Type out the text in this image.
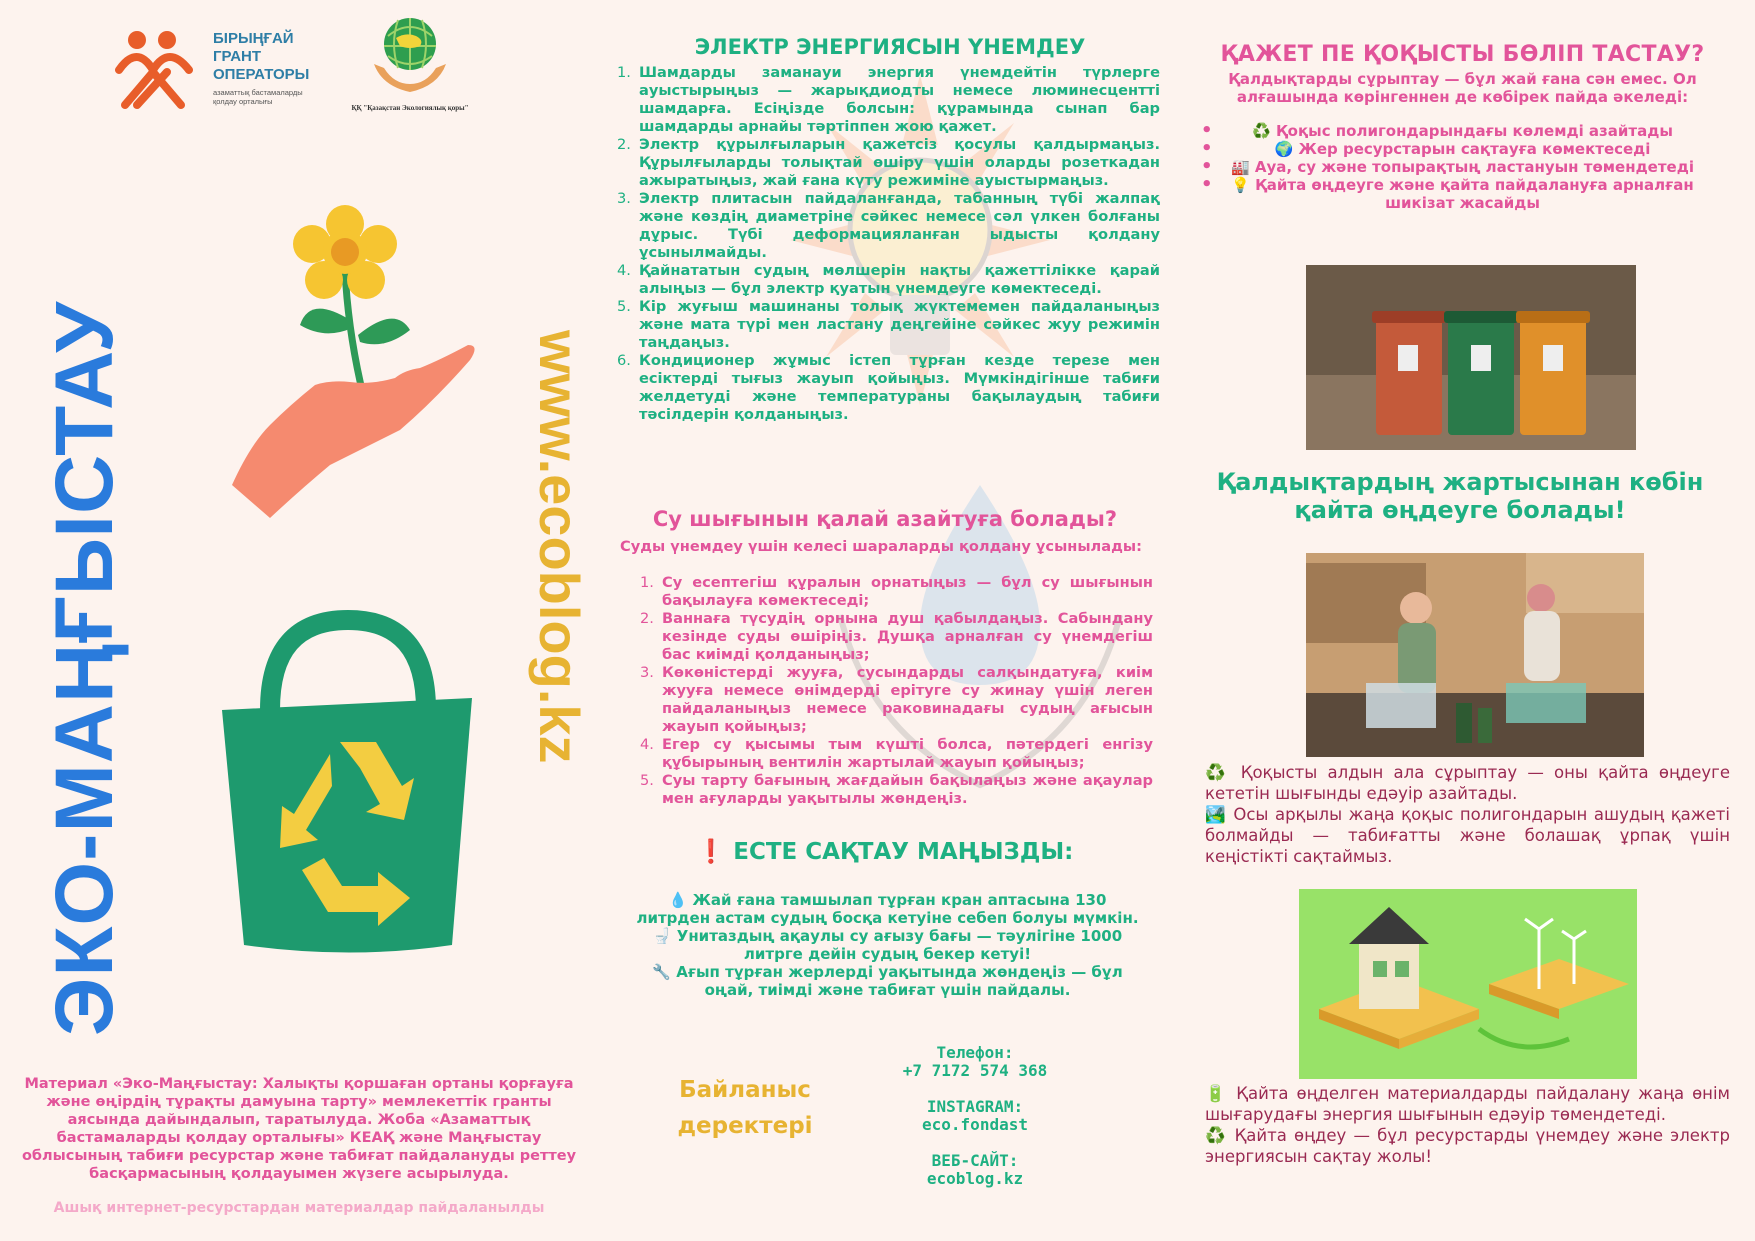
БІРЫҢҒАЙ
ГРАНТ
ОПЕРАТОРЫ
азаматтық бастамаларды
қолдау орталығы
ҚҚ "Қазақстан Экологиялық қоры"
ЭКО-МАҢҒЫСТАУ	www.ecoblog.kz
Материал «Эко-Маңғыстау: Халықты қоршаған ортаны қорғауға және өңірдің тұрақты дамуына тарту» мемлекеттік гранты аясында дайындалып, таратылуда. Жоба «Азаматтық бастамаларды қолдау орталығы» КЕАҚ және Маңғыстау облысының табиғи ресурстар және табиғат пайдалануды реттеу басқармасының қолдауымен жүзеге асырылуда.
Ашық интернет-ресурстардан материалдар пайдаланылды
ЭЛЕКТР ЭНЕРГИЯСЫН ҮНЕМДЕУ
Шамдарды заманауи энергия үнемдейтін түрлерге ауыстырыңыз — жарықдиодты немесе люминесцентті шамдарға. Есіңізде болсын: құрамында сынап бар шамдарды арнайы тәртіппен жою қажет.
Электр құрылғыларын қажетсіз қосулы қалдырмаңыз. Құрылғыларды толықтай өшіру үшін оларды розеткадан ажыратыңыз, жай ғана күту режиміне ауыстырмаңыз.
Электр плитасын пайдаланғанда, табанның түбі жалпақ және көздің диаметріне сәйкес немесе сәл үлкен болғаны дұрыс. Түбі деформацияланған ыдысты қолдану ұсынылмайды.
Қайнататын судың мөлшерін нақты қажеттілікке қарай алыңыз — бұл электр қуатын үнемдеуге көмектеседі.
Кір жуғыш машинаны толық жүктемемен пайдаланыңыз және мата түрі мен ластану деңгейіне сәйкес жуу режимін таңдаңыз.
Кондиционер жұмыс істеп тұрған кезде терезе мен есіктерді тығыз жауып қойыңыз. Мүмкіндігінше табиғи желдетуді және температураны бақылаудың табиғи тәсілдерін қолданыңыз.
Су шығынын қалай азайтуға болады?
Суды үнемдеу үшін келесі шараларды қолдану ұсынылады:
Су есептегіш құралын орнатыңыз — бұл су шығынын бақылауға көмектеседі;
Ваннаға түсудің орнына душ қабылдаңыз. Сабындану кезінде суды өшіріңіз. Душқа арналған су үнемдегіш бас киімді қолданыңыз;
Көкөністерді жууға, сусындарды салқындатуға, киім жууға немесе өнімдерді ерітуге су жинау үшін леген пайдаланыңыз немесе раковинадағы судың ағысын жауып қойыңыз;
Егер су қысымы тым күшті болса, пәтердегі енгізу құбырының вентилін жартылай жауып қойыңыз;
Суы тарту бағының жағдайын бақылаңыз және ақаулар мен ағуларды уақытылы жөндеңіз.
❗ ЕСТЕ САҚТАУ МАҢЫЗДЫ:
💧 Жай ғана тамшылап тұрған кран аптасына 130 литрден астам судың босқа кетуіне себеп болуы мүмкін.
🚽 Унитаздың ақаулы су ағызу бағы — тәулігіне 1000 литрге дейін судың бекер кетуі!
🔧 Ағып тұрған жерлерді уақытында жөндеңіз — бұл оңай, тиімді және табиғат үшін пайдалы.
Байланыс
деректері
Телефон:
+7 7172 574 368
INSTAGRAM:
eco.fondast
ВЕБ-САЙТ:
ecoblog.kz
ҚАЖЕТ ПЕ ҚОҚЫСТЫ БӨЛІП ТАСТАУ?
Қалдықтарды сұрыптау — бұл жай ғана сән емес. Ол алғашында көрінгеннен де көбірек пайда әкеледі:
• ♻️ Қоқыс полигондарындағы көлемді азайтады
• 🌍 Жер ресурстарын сақтауға көмектеседі
• 🏭 Ауа, су және топырақтың ластануын төмендетеді
• 💡 Қайта өңдеуге және қайта пайдалануға арналған шикізат жасайды
Қалдықтардың жартысынан көбін қайта өңдеуге болады!
♻️ Қоқысты алдын ала сұрыптау — оны қайта өңдеуге кететін шығынды едәуір азайтады.
🏞️ Осы арқылы жаңа қоқыс полигондарын ашудың қажеті болмайды — табиғатты және болашақ ұрпақ үшін кеңістікті сақтаймыз.
🔋 Қайта өңделген материалдарды пайдалану жаңа өнім шығарудағы энергия шығынын едәуір төмендетеді.
♻️ Қайта өңдеу — бұл ресурстарды үнемдеу және электр энергиясын сақтау жолы!
